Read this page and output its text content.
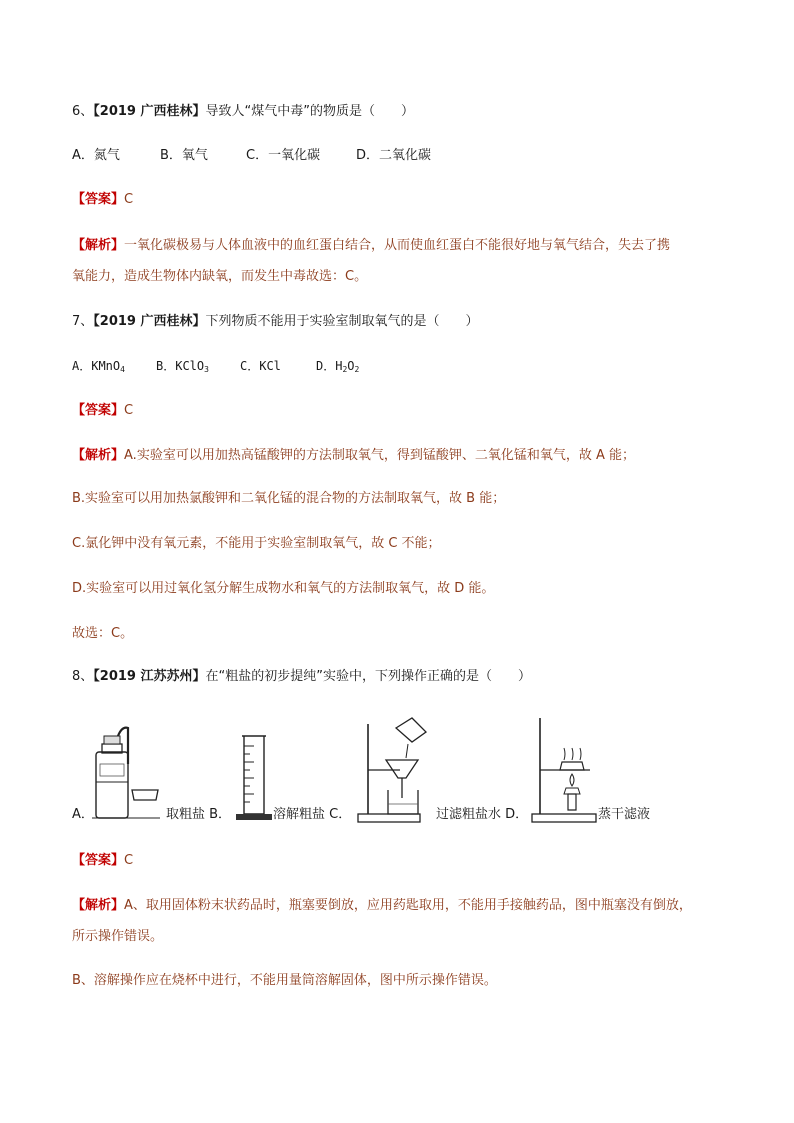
6、【2019 广西桂林】导致人“煤气中毒”的物质是（　　）
A．氮气	B．氧气	C．一氧化碳	D．二氧化碳
【答案】C
【解析】一氧化碳极易与人体血液中的血红蛋白结合，从而使血红蛋白不能很好地与氧气结合，失去了携
氧能力，造成生物体内缺氧，而发生中毒故选：C。
7、【2019 广西桂林】下列物质不能用于实验室制取氧气的是（　　）
A．KMnO$_4$	B．KClO$_3$	C．KCl	D．$H_2O_2$
【答案】C
【解析】A.实验室可以用加热高锰酸钾的方法制取氧气，得到锰酸钾、二氧化锰和氧气，故 A 能；
B.实验室可以用加热氯酸钾和二氧化锰的混合物的方法制取氧气，故 B 能；
C.氯化钾中没有氧元素，不能用于实验室制取氧气，故 C 不能；
D.实验室可以用过氧化氢分解生成物水和氧气的方法制取氧气，故 D 能。
故选：C。
8、【2019 江苏苏州】在“粗盐的初步提纯”实验中，下列操作正确的是（　　）
A．	取粗盐 B．	溶解粗盐 C．	过滤粗盐水 D．	蒸干滤液
【答案】C
【解析】A、取用固体粉末状药品时，瓶塞要倒放，应用药匙取用，不能用手接触药品，图中瓶塞没有倒放，
所示操作错误。
B、溶解操作应在烧杯中进行，不能用量筒溶解固体，图中所示操作错误。
